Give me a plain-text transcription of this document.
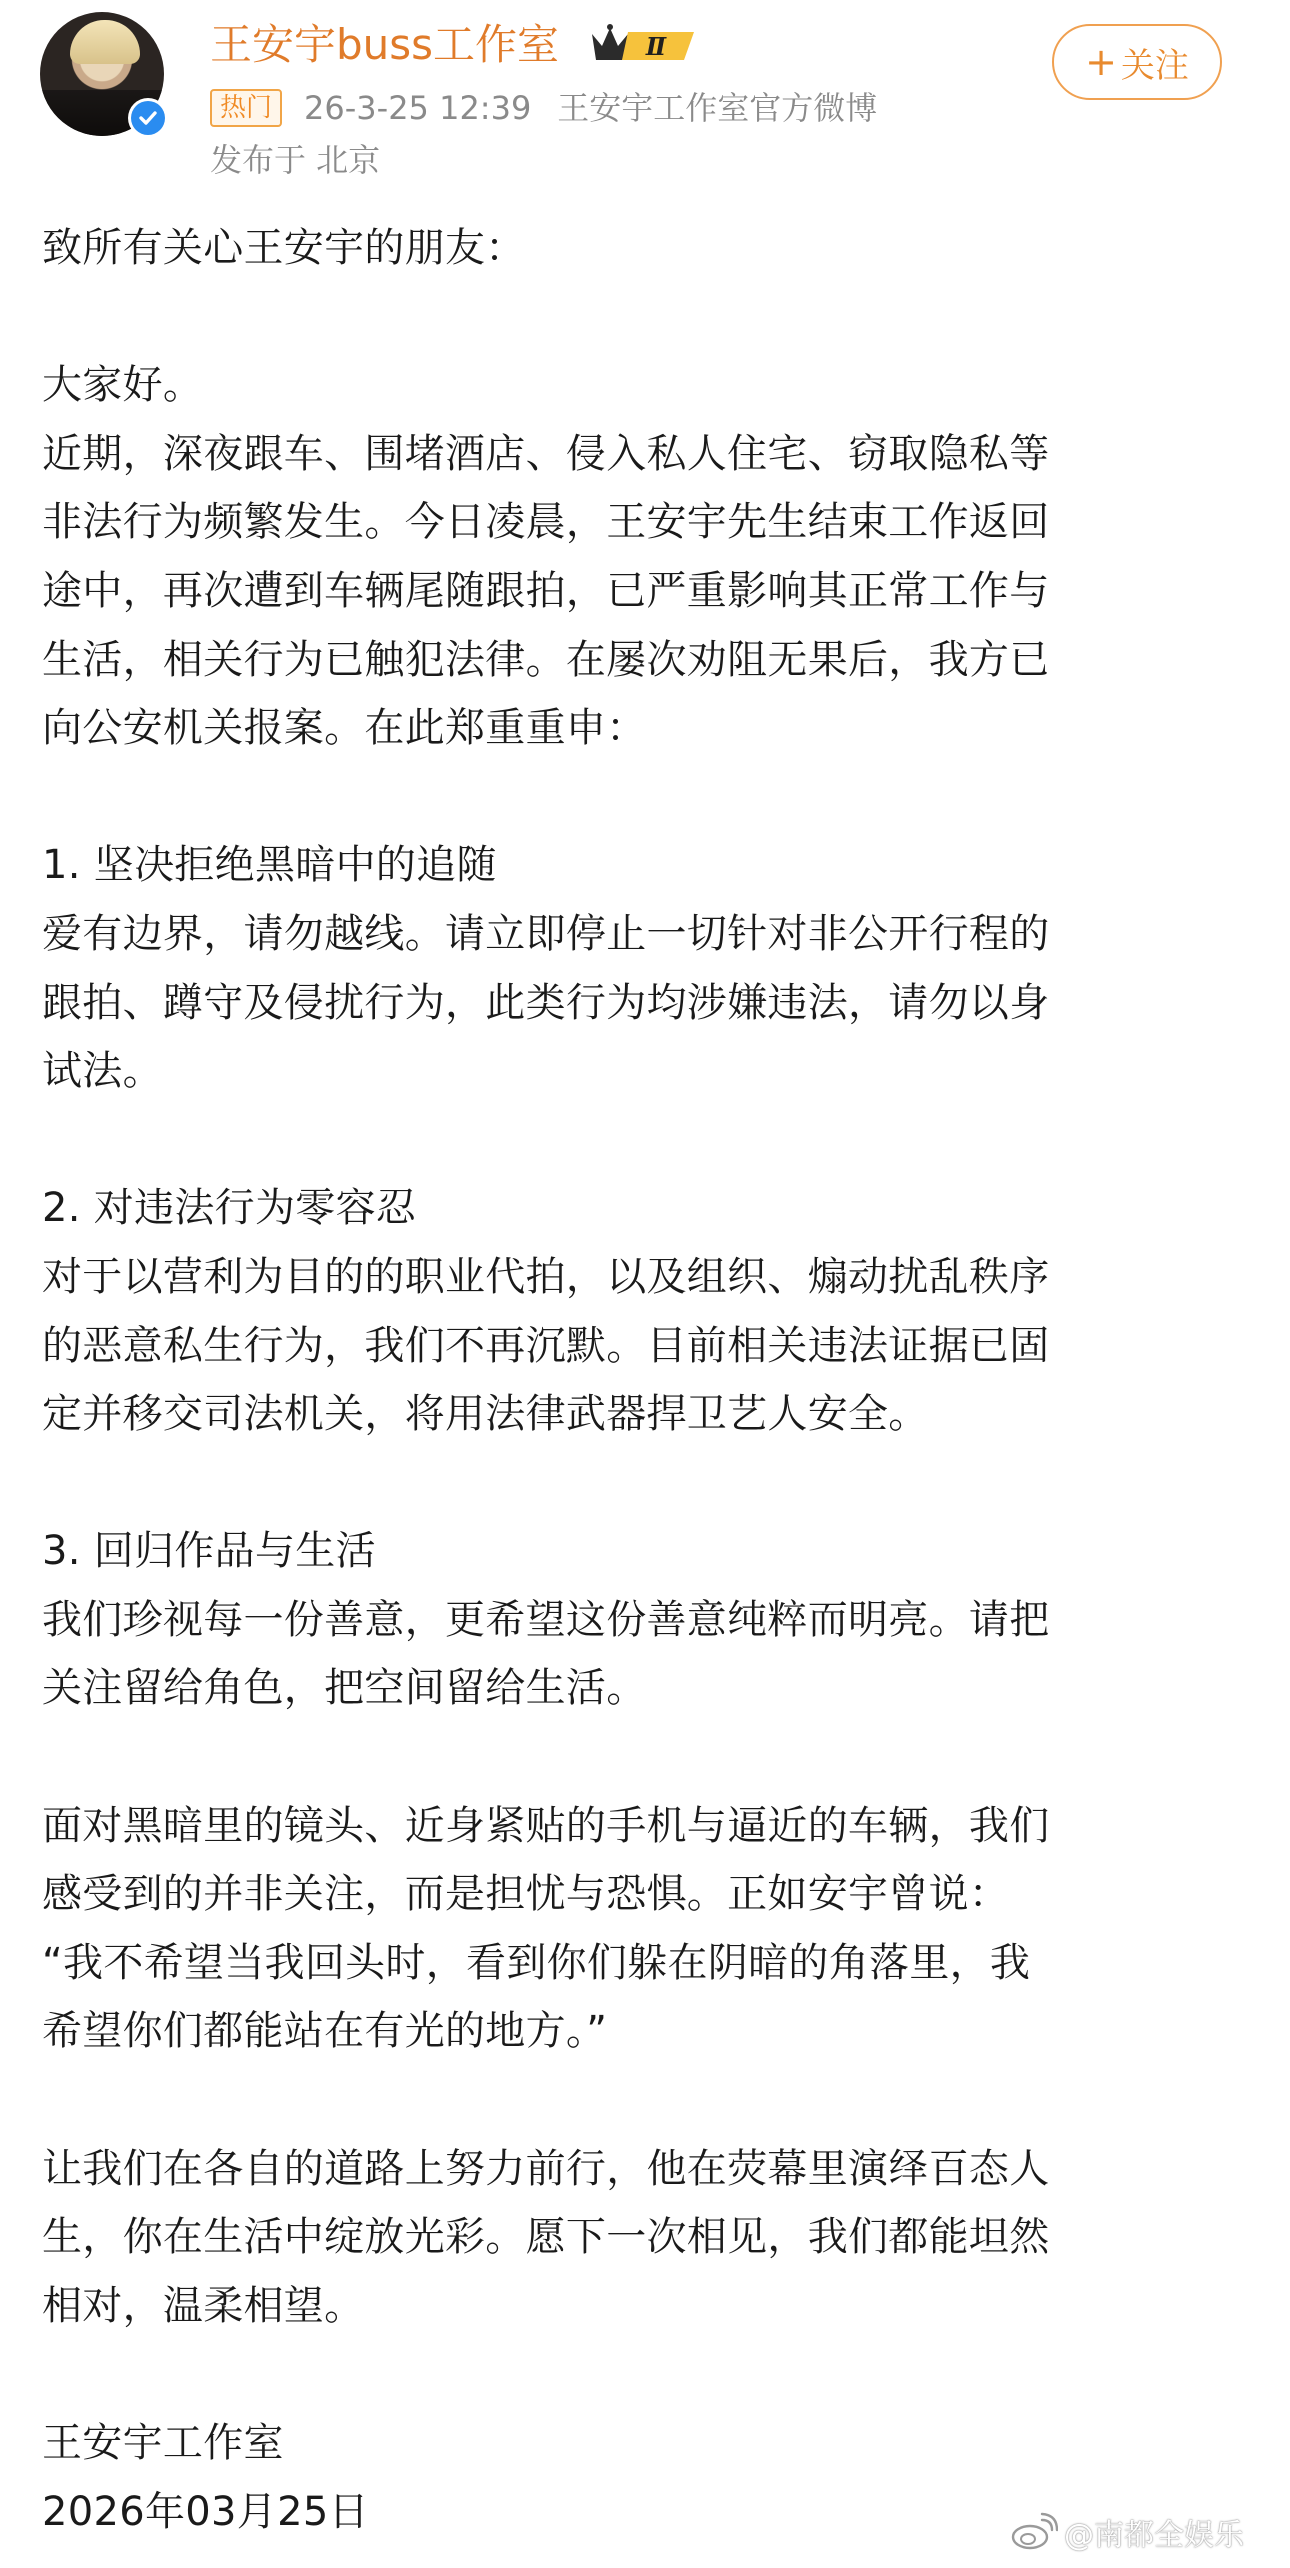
王安宇buss工作室	Ⅱ
热门	26-3-25 12:39 王安宇工作室官方微博
发布于 北京
+ 关注

致所有关心王安宇的朋友：

大家好。

近期，深夜跟车、围堵酒店、侵入私人住宅、窃取隐私等

非法行为频繁发生。今日凌晨，王安宇先生结束工作返回

途中，再次遭到车辆尾随跟拍，已严重影响其正常工作与

生活，相关行为已触犯法律。在屡次劝阻无果后，我方已

向公安机关报案。在此郑重重申：

1. 坚决拒绝黑暗中的追随

爱有边界，请勿越线。请立即停止一切针对非公开行程的

跟拍、蹲守及侵扰行为，此类行为均涉嫌违法，请勿以身

试法。

2. 对违法行为零容忍

对于以营利为目的的职业代拍，以及组织、煽动扰乱秩序

的恶意私生行为，我们不再沉默。目前相关违法证据已固

定并移交司法机关，将用法律武器捍卫艺人安全。

3. 回归作品与生活

我们珍视每一份善意，更希望这份善意纯粹而明亮。请把

关注留给角色，把空间留给生活。

面对黑暗里的镜头、近身紧贴的手机与逼近的车辆，我们

感受到的并非关注，而是担忧与恐惧。正如安宇曾说：

“我不希望当我回头时，看到你们躲在阴暗的角落里，我

希望你们都能站在有光的地方。”

让我们在各自的道路上努力前行，他在荧幕里演绎百态人

生，你在生活中绽放光彩。愿下一次相见，我们都能坦然

相对，温柔相望。

王安宇工作室

2026年03月25日

@南都全娱乐
